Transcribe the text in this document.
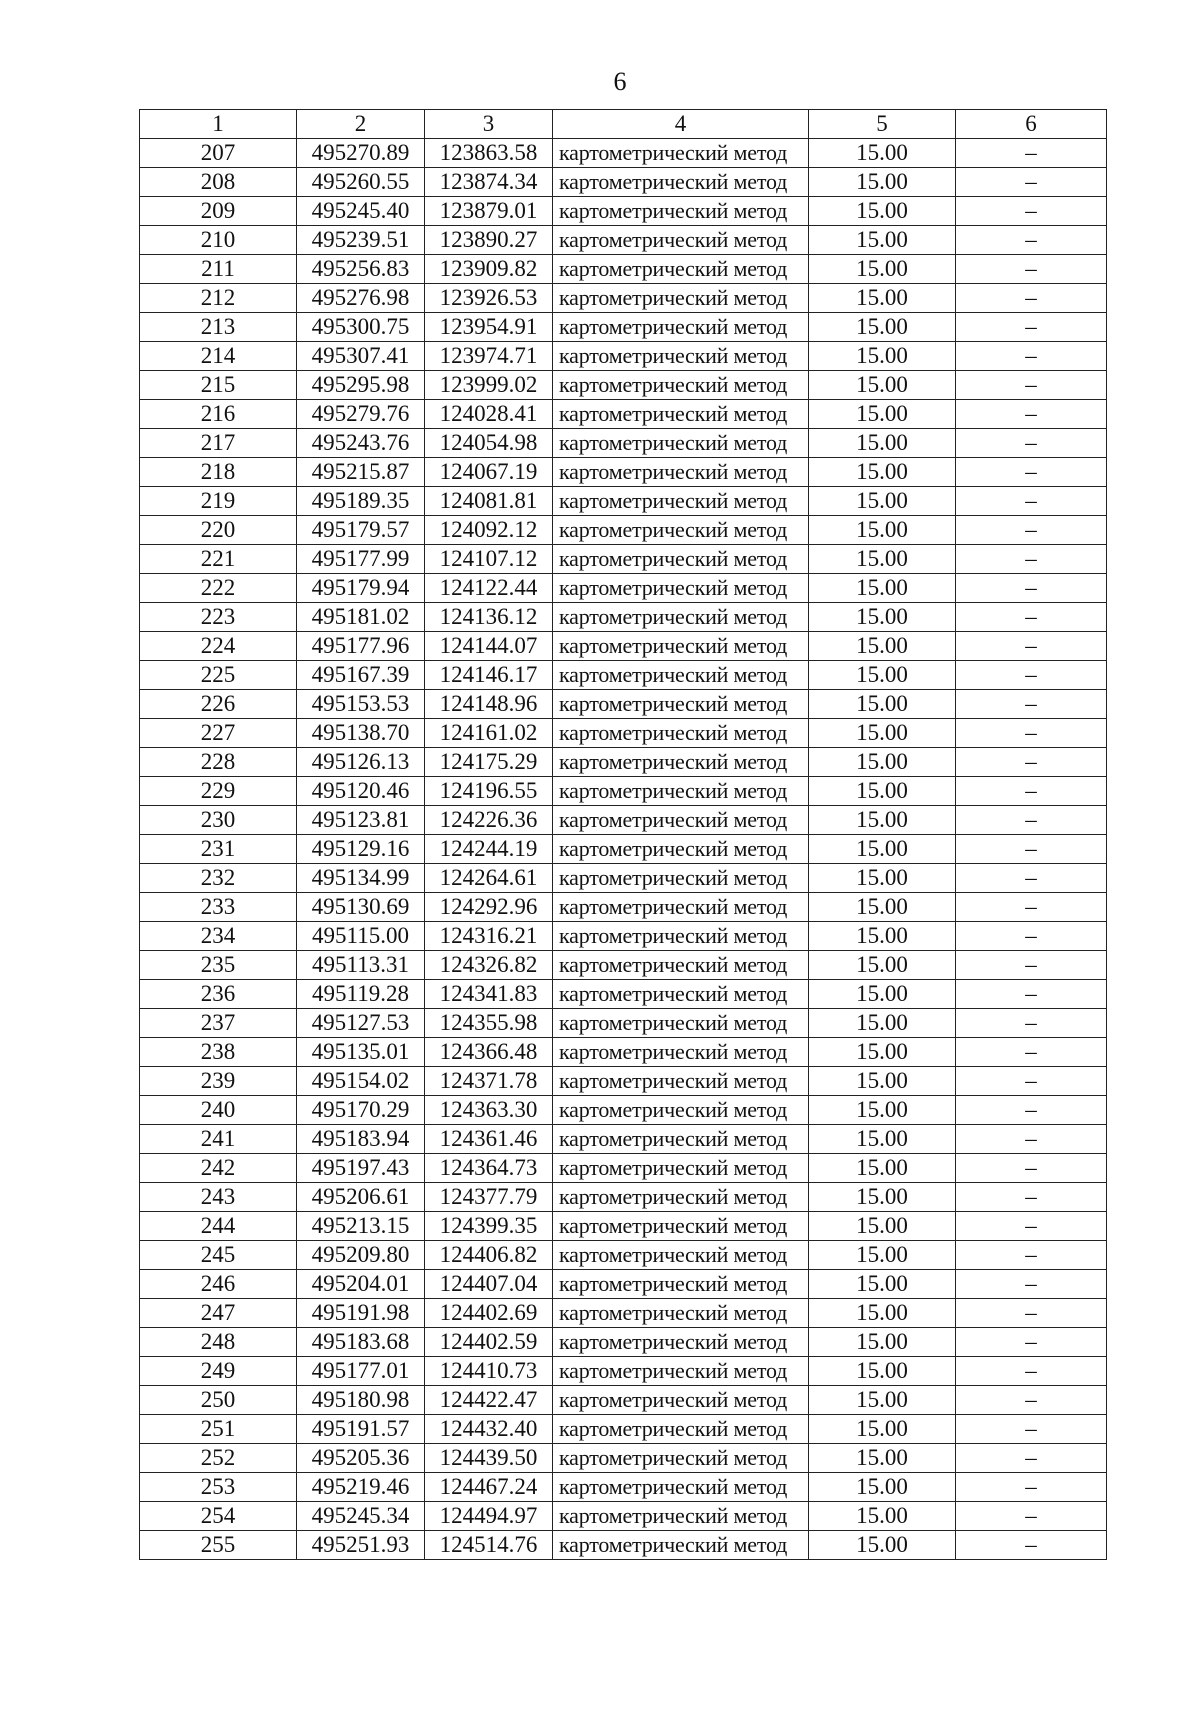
6
1	2	3	4	5	6
207	495270.89	123863.58	картометрический метод	15.00	–
208	495260.55	123874.34	картометрический метод	15.00	–
209	495245.40	123879.01	картометрический метод	15.00	–
210	495239.51	123890.27	картометрический метод	15.00	–
211	495256.83	123909.82	картометрический метод	15.00	–
212	495276.98	123926.53	картометрический метод	15.00	–
213	495300.75	123954.91	картометрический метод	15.00	–
214	495307.41	123974.71	картометрический метод	15.00	–
215	495295.98	123999.02	картометрический метод	15.00	–
216	495279.76	124028.41	картометрический метод	15.00	–
217	495243.76	124054.98	картометрический метод	15.00	–
218	495215.87	124067.19	картометрический метод	15.00	–
219	495189.35	124081.81	картометрический метод	15.00	–
220	495179.57	124092.12	картометрический метод	15.00	–
221	495177.99	124107.12	картометрический метод	15.00	–
222	495179.94	124122.44	картометрический метод	15.00	–
223	495181.02	124136.12	картометрический метод	15.00	–
224	495177.96	124144.07	картометрический метод	15.00	–
225	495167.39	124146.17	картометрический метод	15.00	–
226	495153.53	124148.96	картометрический метод	15.00	–
227	495138.70	124161.02	картометрический метод	15.00	–
228	495126.13	124175.29	картометрический метод	15.00	–
229	495120.46	124196.55	картометрический метод	15.00	–
230	495123.81	124226.36	картометрический метод	15.00	–
231	495129.16	124244.19	картометрический метод	15.00	–
232	495134.99	124264.61	картометрический метод	15.00	–
233	495130.69	124292.96	картометрический метод	15.00	–
234	495115.00	124316.21	картометрический метод	15.00	–
235	495113.31	124326.82	картометрический метод	15.00	–
236	495119.28	124341.83	картометрический метод	15.00	–
237	495127.53	124355.98	картометрический метод	15.00	–
238	495135.01	124366.48	картометрический метод	15.00	–
239	495154.02	124371.78	картометрический метод	15.00	–
240	495170.29	124363.30	картометрический метод	15.00	–
241	495183.94	124361.46	картометрический метод	15.00	–
242	495197.43	124364.73	картометрический метод	15.00	–
243	495206.61	124377.79	картометрический метод	15.00	–
244	495213.15	124399.35	картометрический метод	15.00	–
245	495209.80	124406.82	картометрический метод	15.00	–
246	495204.01	124407.04	картометрический метод	15.00	–
247	495191.98	124402.69	картометрический метод	15.00	–
248	495183.68	124402.59	картометрический метод	15.00	–
249	495177.01	124410.73	картометрический метод	15.00	–
250	495180.98	124422.47	картометрический метод	15.00	–
251	495191.57	124432.40	картометрический метод	15.00	–
252	495205.36	124439.50	картометрический метод	15.00	–
253	495219.46	124467.24	картометрический метод	15.00	–
254	495245.34	124494.97	картометрический метод	15.00	–
255	495251.93	124514.76	картометрический метод	15.00	–
